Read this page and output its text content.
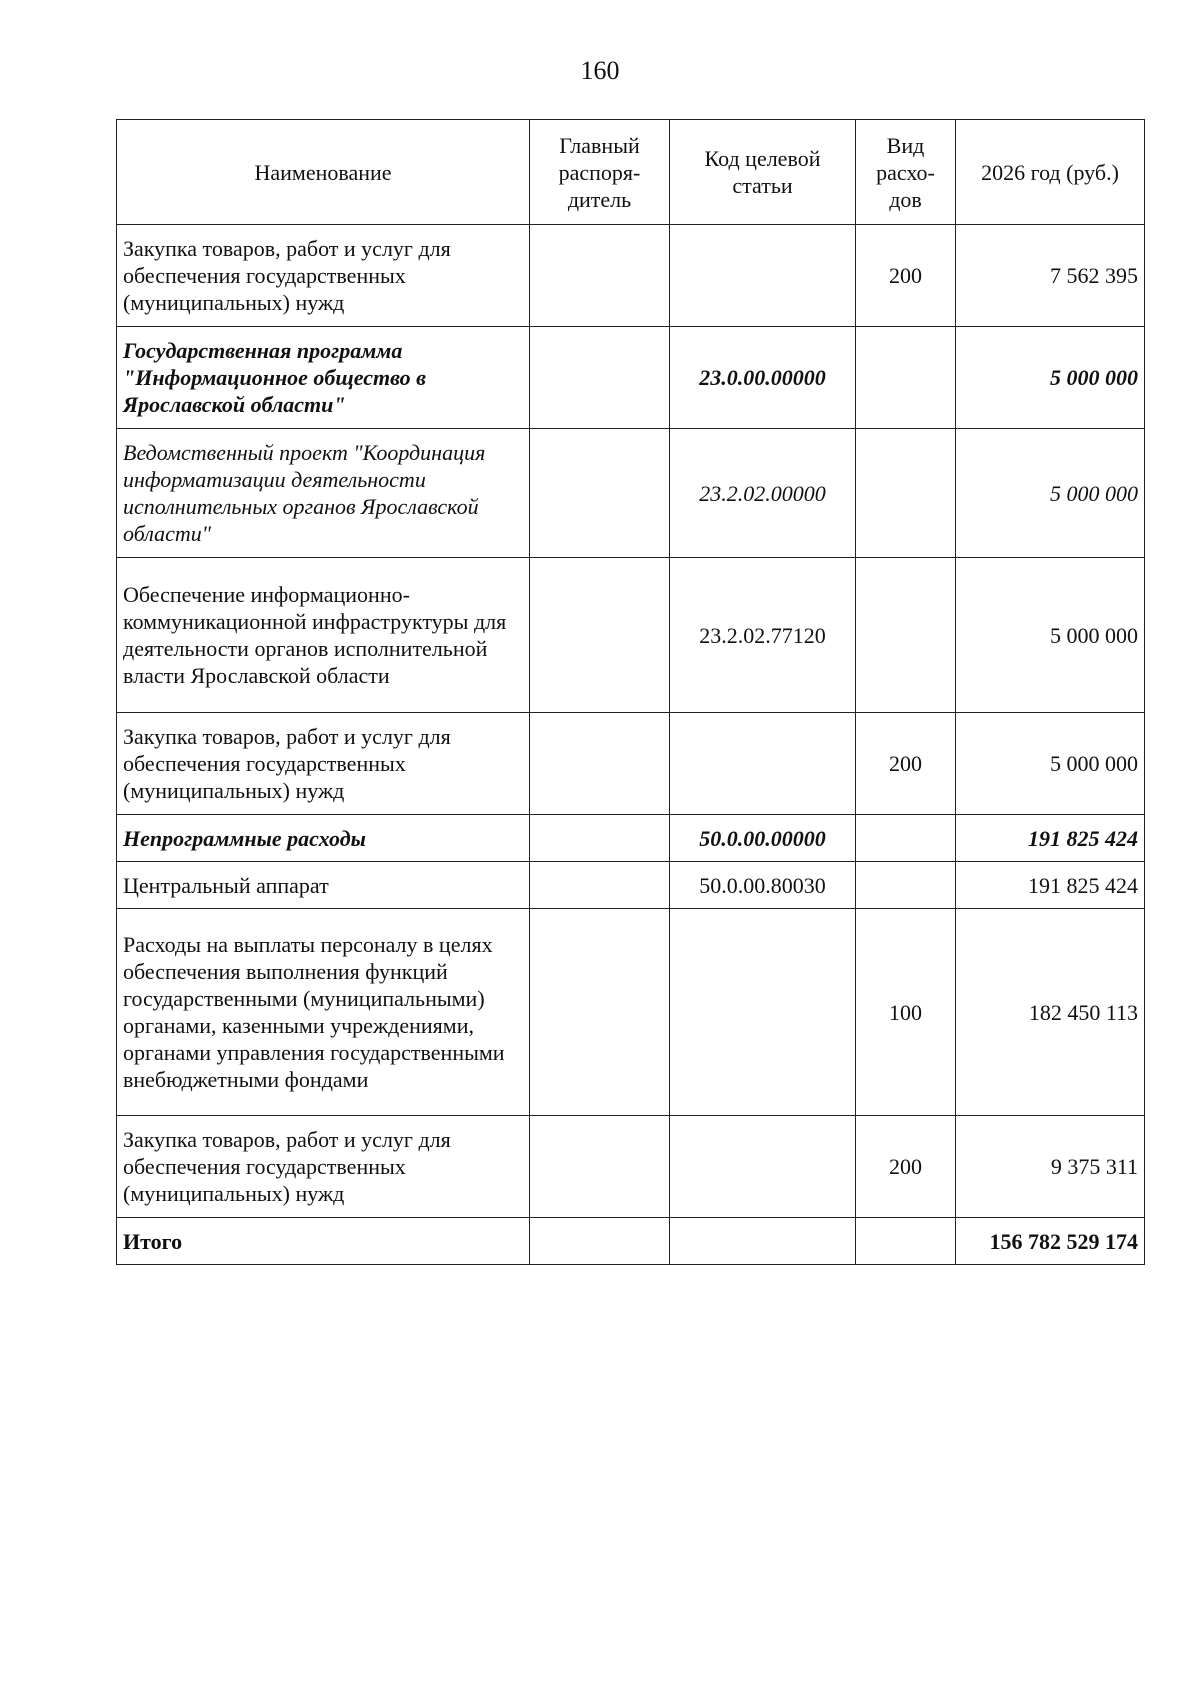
160
Наименование	Главный распоря-дитель	Код целевой статьи	Вид расхо-дов	2026 год (руб.)
Закупка товаров, работ и услуг для обеспечения государственных (муниципальных) нужд			200	7 562 395
Государственная программа "Информационное общество в Ярославской области"		23.0.00.00000		5 000 000
Ведомственный проект "Координация информатизации деятельности исполнительных органов Ярославской области"		23.2.02.00000		5 000 000
Обеспечение информационно-коммуникационной инфраструктуры для деятельности органов исполнительной власти Ярославской области		23.2.02.77120		5 000 000
Закупка товаров, работ и услуг для обеспечения государственных (муниципальных) нужд			200	5 000 000
Непрограммные расходы		50.0.00.00000		191 825 424
Центральный аппарат		50.0.00.80030		191 825 424
Расходы на выплаты персоналу в целях обеспечения выполнения функций государственными (муниципальными) органами, казенными учреждениями, органами управления государственными внебюджетными фондами			100	182 450 113
Закупка товаров, работ и услуг для обеспечения государственных (муниципальных) нужд			200	9 375 311
Итого				156 782 529 174
